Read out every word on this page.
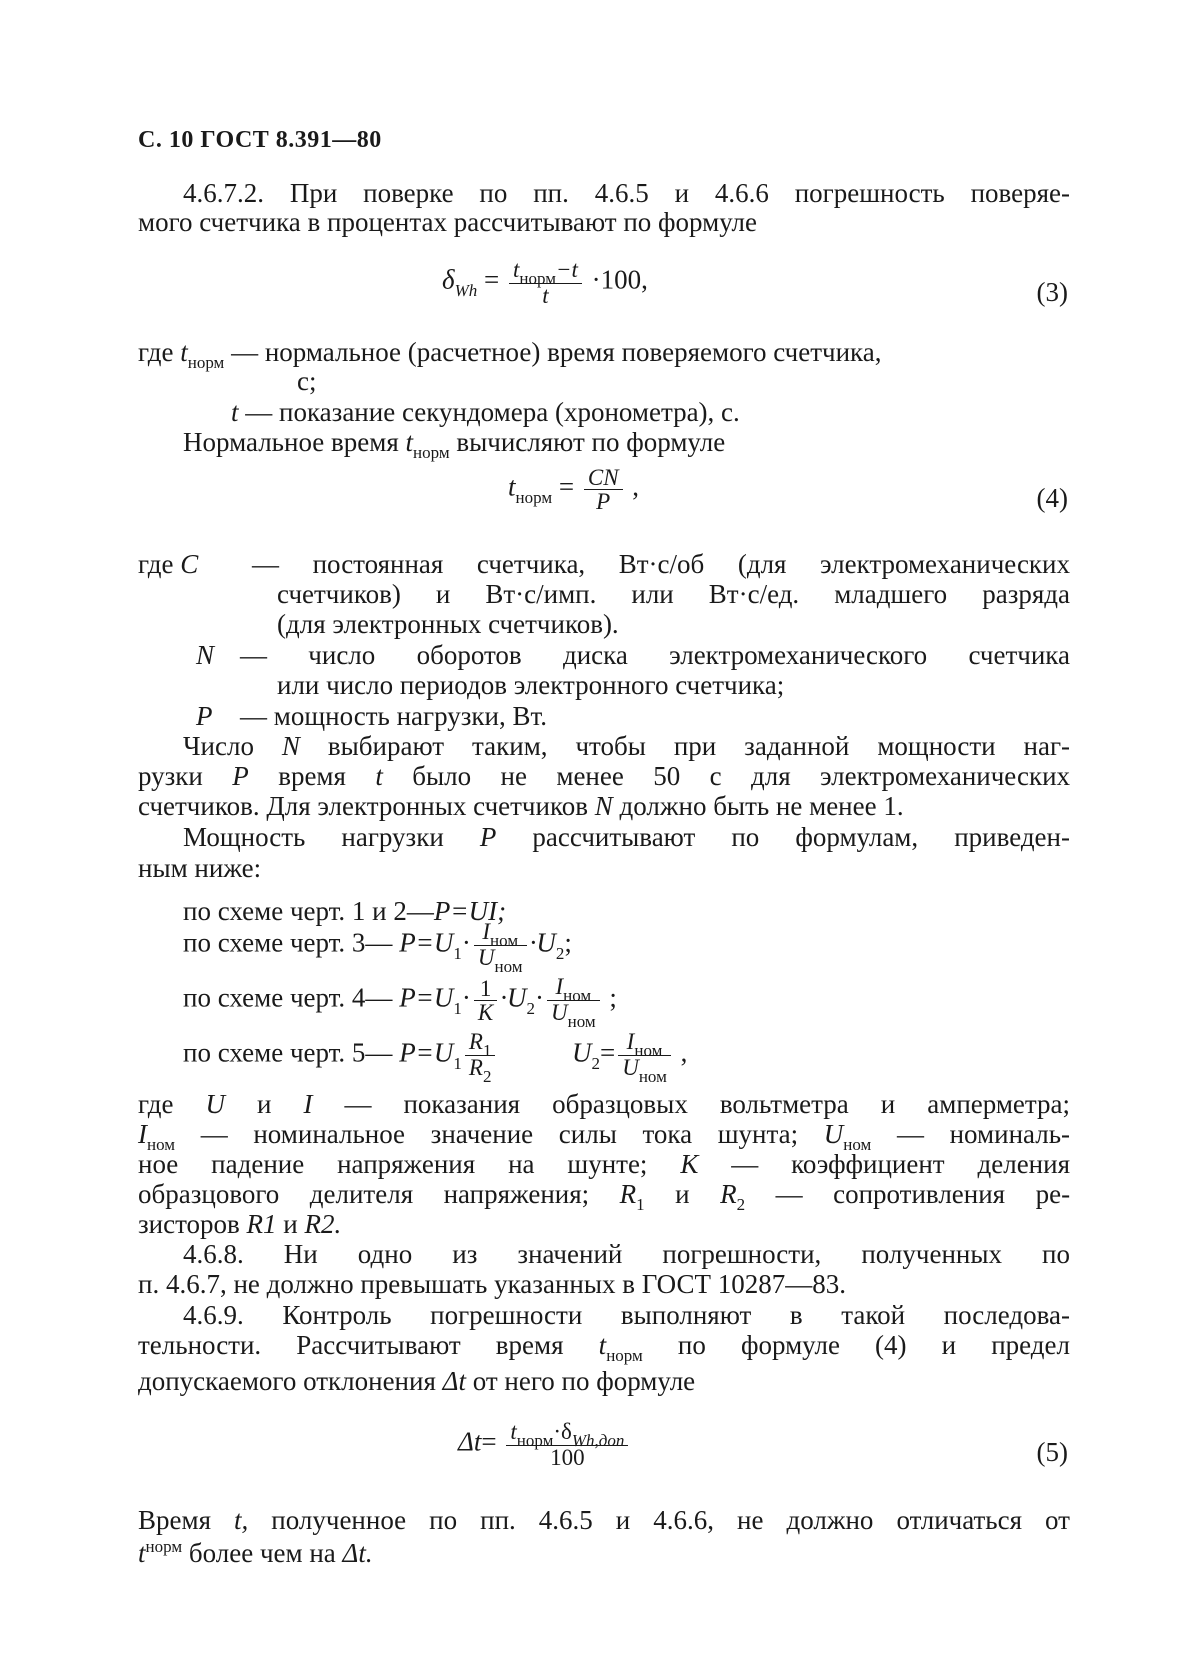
С. 10 ГОСТ 8.391—80
4.6.7.2. При поверке по пп. 4.6.5 и 4.6.6 погрешность поверяе-
мого счетчика в процентах рассчитывают по формуле
$\delta_{Wh} = \frac{t_{норм}-t}{t} \cdot 100$,	(3)
где $t_{норм}$ — нормальное (расчетное) время поверяемого счетчика,
с;
t — показание секундомера (хронометра), с.
Нормальное время $t_{норм}$ вычисляют по формуле
$t_{норм} = \frac{CN}{P}$ ,	(4)
где C — постоянная счетчика, Вт·с/об (для электромеханических
счетчиков) и Вт·с/имп. или Вт·с/ед. младшего разряда
(для электронных счетчиков).
N — число оборотов диска электромеханического счетчика
или число периодов электронного счетчика;
P — мощность нагрузки, Вт.
Число N выбирают таким, чтобы при заданной мощности наг-
рузки P время t было не менее 50 с для электромеханических
счетчиков. Для электронных счетчиков N должно быть не менее 1.
Мощность нагрузки P рассчитывают по формулам, приведен-
ным ниже:
по схеме черт. 1 и 2—P=UI;
по схеме черт. 3— $P=U_1\cdot \frac{I_{ном}}{U_{ном}} \cdot U_2$;
по схеме черт. 4— $P=U_1\cdot \frac{1}{K} \cdot U_2\cdot \frac{I_{ном}}{U_{ном}}$ ;
по схеме черт. 5— $P=U_1 \frac{R_1}{R_2}$	$U_2= \frac{I_{ном}}{U_{ном}}$ ,
где U и I — показания образцовых вольтметра и амперметра;
$I_{ном}$ — номинальное значение силы тока шунта; $U_{ном}$ — номиналь-
ное падение напряжения на шунте; K — коэффициент деления
образцового делителя напряжения; $R_1$ и $R_2$ — сопротивления ре-
зисторов R1 и R2.
4.6.8. Ни одно из значений погрешности, полученных по
п. 4.6.7, не должно превышать указанных в ГОСТ 10287—83.
4.6.9. Контроль погрешности выполняют в такой последова-
тельности. Рассчитывают время $t_{норм}$ по формуле (4) и предел
допускаемого отклонения Δt от него по формуле
$\Delta t= \frac{t_{норм}\cdot\delta_{Wh,доп}}{100}$	(5)
Время t, полученное по пп. 4.6.5 и 4.6.6, не должно отличаться от
$t^{норм}$ более чем на Δt.
